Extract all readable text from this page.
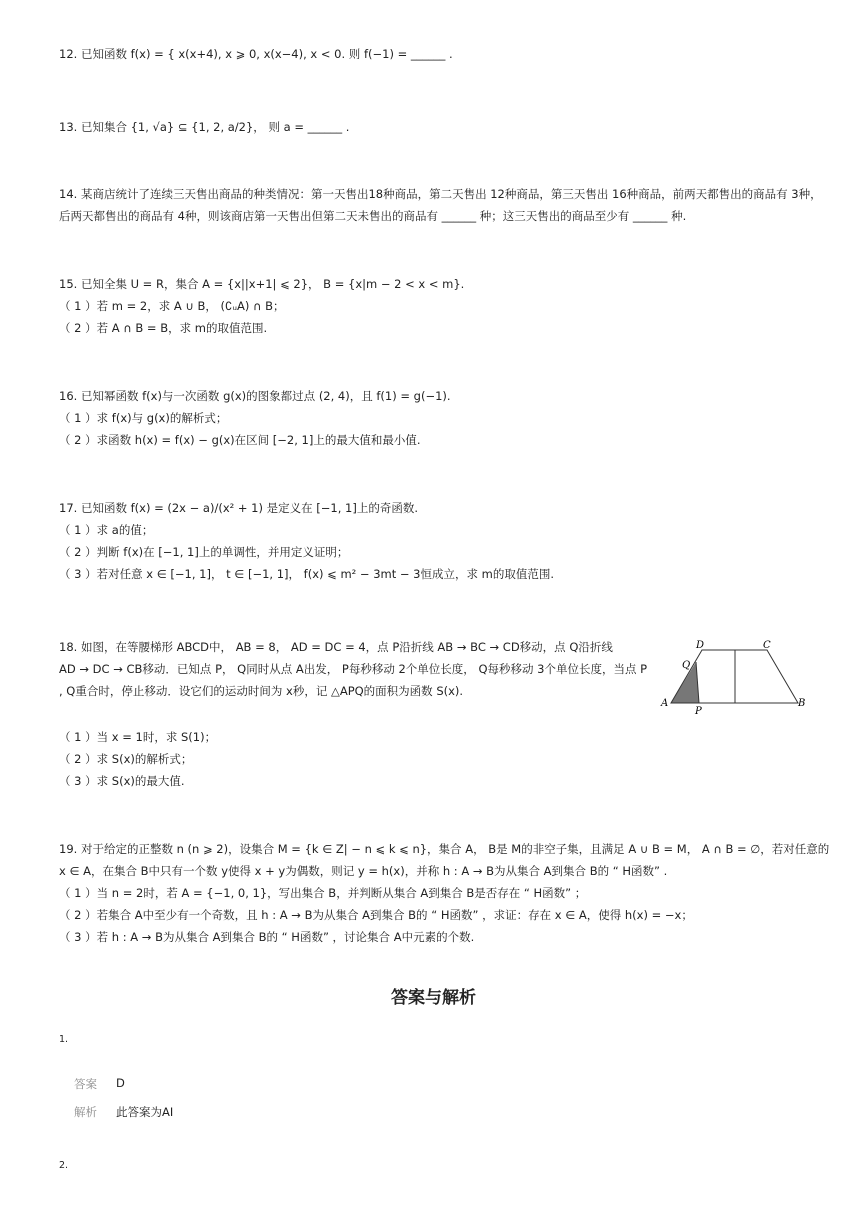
12. 已知函数 f(x) = { x(x+4), x ⩾ 0, x(x−4), x < 0. 则 f(−1) = ______ .
13. 已知集合 {1, √a} ⊆ {1, 2, a/2}， 则 a = ______ .
14. 某商店统计了连续三天售出商品的种类情况：第一天售出18种商品，第二天售出 12种商品，第三天售出 16种商品，前两天都售出的商品有 3种，
后两天都售出的商品有 4种，则该商店第一天售出但第二天未售出的商品有 ______ 种；这三天售出的商品至少有 ______ 种.
15. 已知全集 U = R，集合 A = {x||x+1| ⩽ 2}， B = {x|m − 2 < x < m}.
（ 1 ）若 m = 2，求 A ∪ B， (∁ᵤA) ∩ B；
（ 2 ）若 A ∩ B = B，求 m的取值范围.
16. 已知幂函数 f(x)与一次函数 g(x)的图象都过点 (2, 4)，且 f(1) = g(−1).
（ 1 ）求 f(x)与 g(x)的解析式；
（ 2 ）求函数 h(x) = f(x) − g(x)在区间 [−2, 1]上的最大值和最小值.
17. 已知函数 f(x) = (2x − a)/(x² + 1) 是定义在 [−1, 1]上的奇函数.
（ 1 ）求 a的值；
（ 2 ）判断 f(x)在 [−1, 1]上的单调性，并用定义证明；
（ 3 ）若对任意 x ∈ [−1, 1]， t ∈ [−1, 1]， f(x) ⩽ m² − 3mt − 3恒成立，求 m的取值范围.
18. 如图，在等腰梯形 ABCD中， AB = 8， AD = DC = 4，点 P沿折线 AB → BC → CD移动，点 Q沿折线
AD → DC → CB移动．已知点 P， Q同时从点 A出发， P每秒移动 2个单位长度， Q每秒移动 3个单位长度，当点 P
, Q重合时，停止移动．设它们的运动时间为 x秒，记 △APQ的面积为函数 S(x).
（ 1 ）当 x = 1时，求 S(1)；
（ 2 ）求 S(x)的解析式；
（ 3 ）求 S(x)的最大值.
19. 对于给定的正整数 n (n ⩾ 2)，设集合 M = {k ∈ Z| − n ⩽ k ⩽ n}，集合 A， B是 M的非空子集，且满足 A ∪ B = M， A ∩ B = ∅，若对任意的
x ∈ A，在集合 B中只有一个数 y使得 x + y为偶数，则记 y = h(x)，并称 h : A → B为从集合 A到集合 B的 “ H函数” .
（ 1 ）当 n = 2时，若 A = {−1, 0, 1}，写出集合 B，并判断从集合 A到集合 B是否存在 “ H函数” ；
（ 2 ）若集合 A中至少有一个奇数，且 h : A → B为从集合 A到集合 B的 “ H函数” ，求证：存在 x ∈ A，使得 h(x) = −x；
（ 3 ）若 h : A → B为从集合 A到集合 B的 “ H函数” ，讨论集合 A中元素的个数.
A	B
C
D
P
Q
答案与解析
1.
答案 D
解析 此答案为AI
2.
